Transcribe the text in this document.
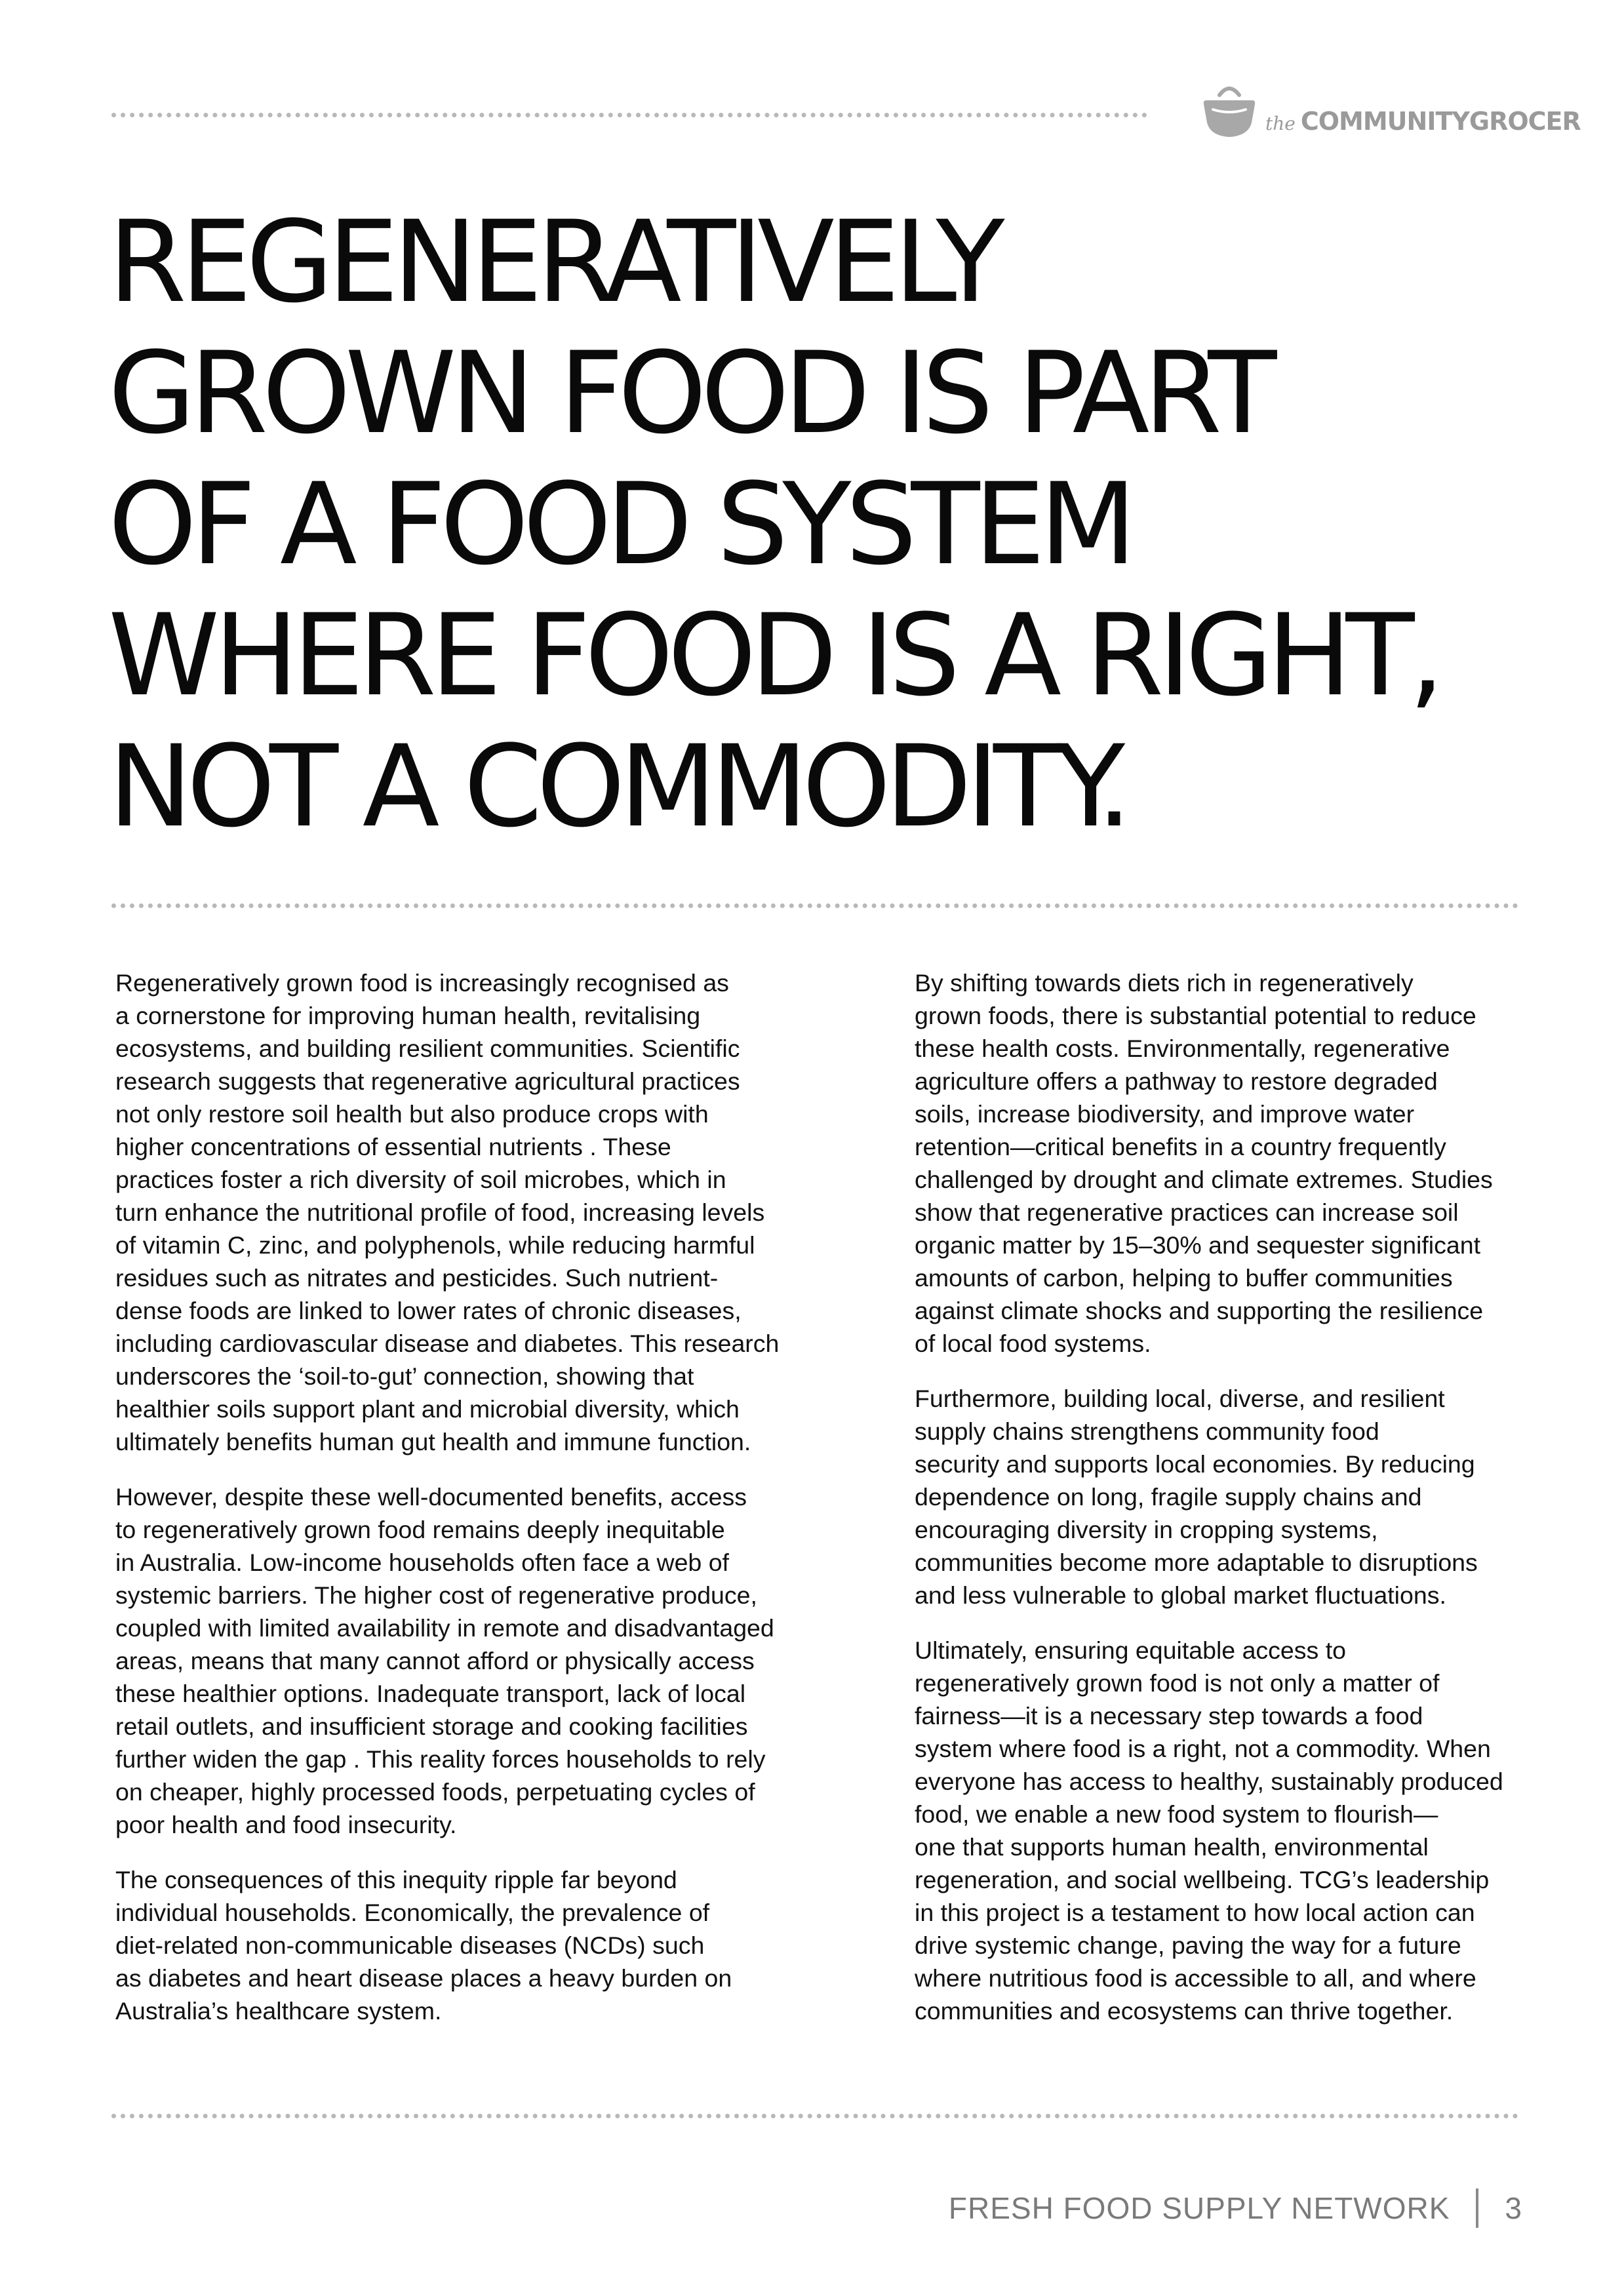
the COMMUNITYGROCER
REGENERATIVELY
GROWN FOOD IS PART
OF A FOOD SYSTEM
WHERE FOOD IS A RIGHT,
NOT A COMMODITY.

Regeneratively grown food is increasingly recognised as
a cornerstone for improving human health, revitalising
ecosystems, and building resilient communities. Scientific
research suggests that regenerative agricultural practices
not only restore soil health but also produce crops with
higher concentrations of essential nutrients . These
practices foster a rich diversity of soil microbes, which in
turn enhance the nutritional profile of food, increasing levels
of vitamin C, zinc, and polyphenols, while reducing harmful
residues such as nitrates and pesticides. Such nutrient-
dense foods are linked to lower rates of chronic diseases,
including cardiovascular disease and diabetes. This research
underscores the ‘soil-to-gut’ connection, showing that
healthier soils support plant and microbial diversity, which
ultimately benefits human gut health and immune function.

However, despite these well-documented benefits, access
to regeneratively grown food remains deeply inequitable
in Australia. Low-income households often face a web of
systemic barriers. The higher cost of regenerative produce,
coupled with limited availability in remote and disadvantaged
areas, means that many cannot afford or physically access
these healthier options. Inadequate transport, lack of local
retail outlets, and insufficient storage and cooking facilities
further widen the gap . This reality forces households to rely
on cheaper, highly processed foods, perpetuating cycles of
poor health and food insecurity.

The consequences of this inequity ripple far beyond
individual households. Economically, the prevalence of
diet-related non-communicable diseases (NCDs) such
as diabetes and heart disease places a heavy burden on
Australia’s healthcare system.

By shifting towards diets rich in regeneratively
grown foods, there is substantial potential to reduce
these health costs. Environmentally, regenerative
agriculture offers a pathway to restore degraded
soils, increase biodiversity, and improve water
retention—critical benefits in a country frequently
challenged by drought and climate extremes. Studies
show that regenerative practices can increase soil
organic matter by 15–30% and sequester significant
amounts of carbon, helping to buffer communities
against climate shocks and supporting the resilience
of local food systems.

Furthermore, building local, diverse, and resilient
supply chains strengthens community food
security and supports local economies. By reducing
dependence on long, fragile supply chains and
encouraging diversity in cropping systems,
communities become more adaptable to disruptions
and less vulnerable to global market fluctuations.

Ultimately, ensuring equitable access to
regeneratively grown food is not only a matter of
fairness—it is a necessary step towards a food
system where food is a right, not a commodity. When
everyone has access to healthy, sustainably produced
food, we enable a new food system to flourish—
one that supports human health, environmental
regeneration, and social wellbeing. TCG’s leadership
in this project is a testament to how local action can
drive systemic change, paving the way for a future
where nutritious food is accessible to all, and where
communities and ecosystems can thrive together.

FRESH FOOD SUPPLY NETWORK 3
